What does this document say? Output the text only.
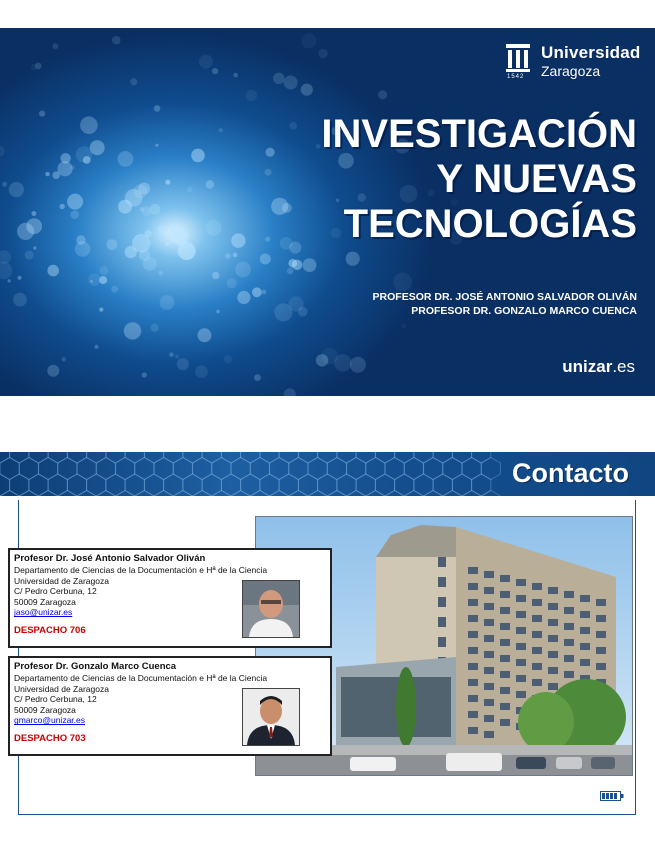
1542
Universidad
Zaragoza
INVESTIGACIÓN
Y NUEVAS
TECNOLOGÍAS
PROFESOR DR. JOSÉ ANTONIO SALVADOR OLIVÁN
PROFESOR DR. GONZALO MARCO CUENCA
unizar.es
Contacto
Profesor Dr. José Antonio Salvador Oliván
Departamento de Ciencias de la Documentación e Hª de la Ciencia
Universidad de Zaragoza
C/ Pedro Cerbuna, 12
50009 Zaragoza
jaso@unizar.es
DESPACHO 706
Profesor Dr. Gonzalo Marco Cuenca
Departamento de Ciencias de la Documentación e Hª de la Ciencia
Universidad de Zaragoza
C/ Pedro Cerbuna, 12
50009 Zaragoza
gmarco@unizar.es
DESPACHO 703
